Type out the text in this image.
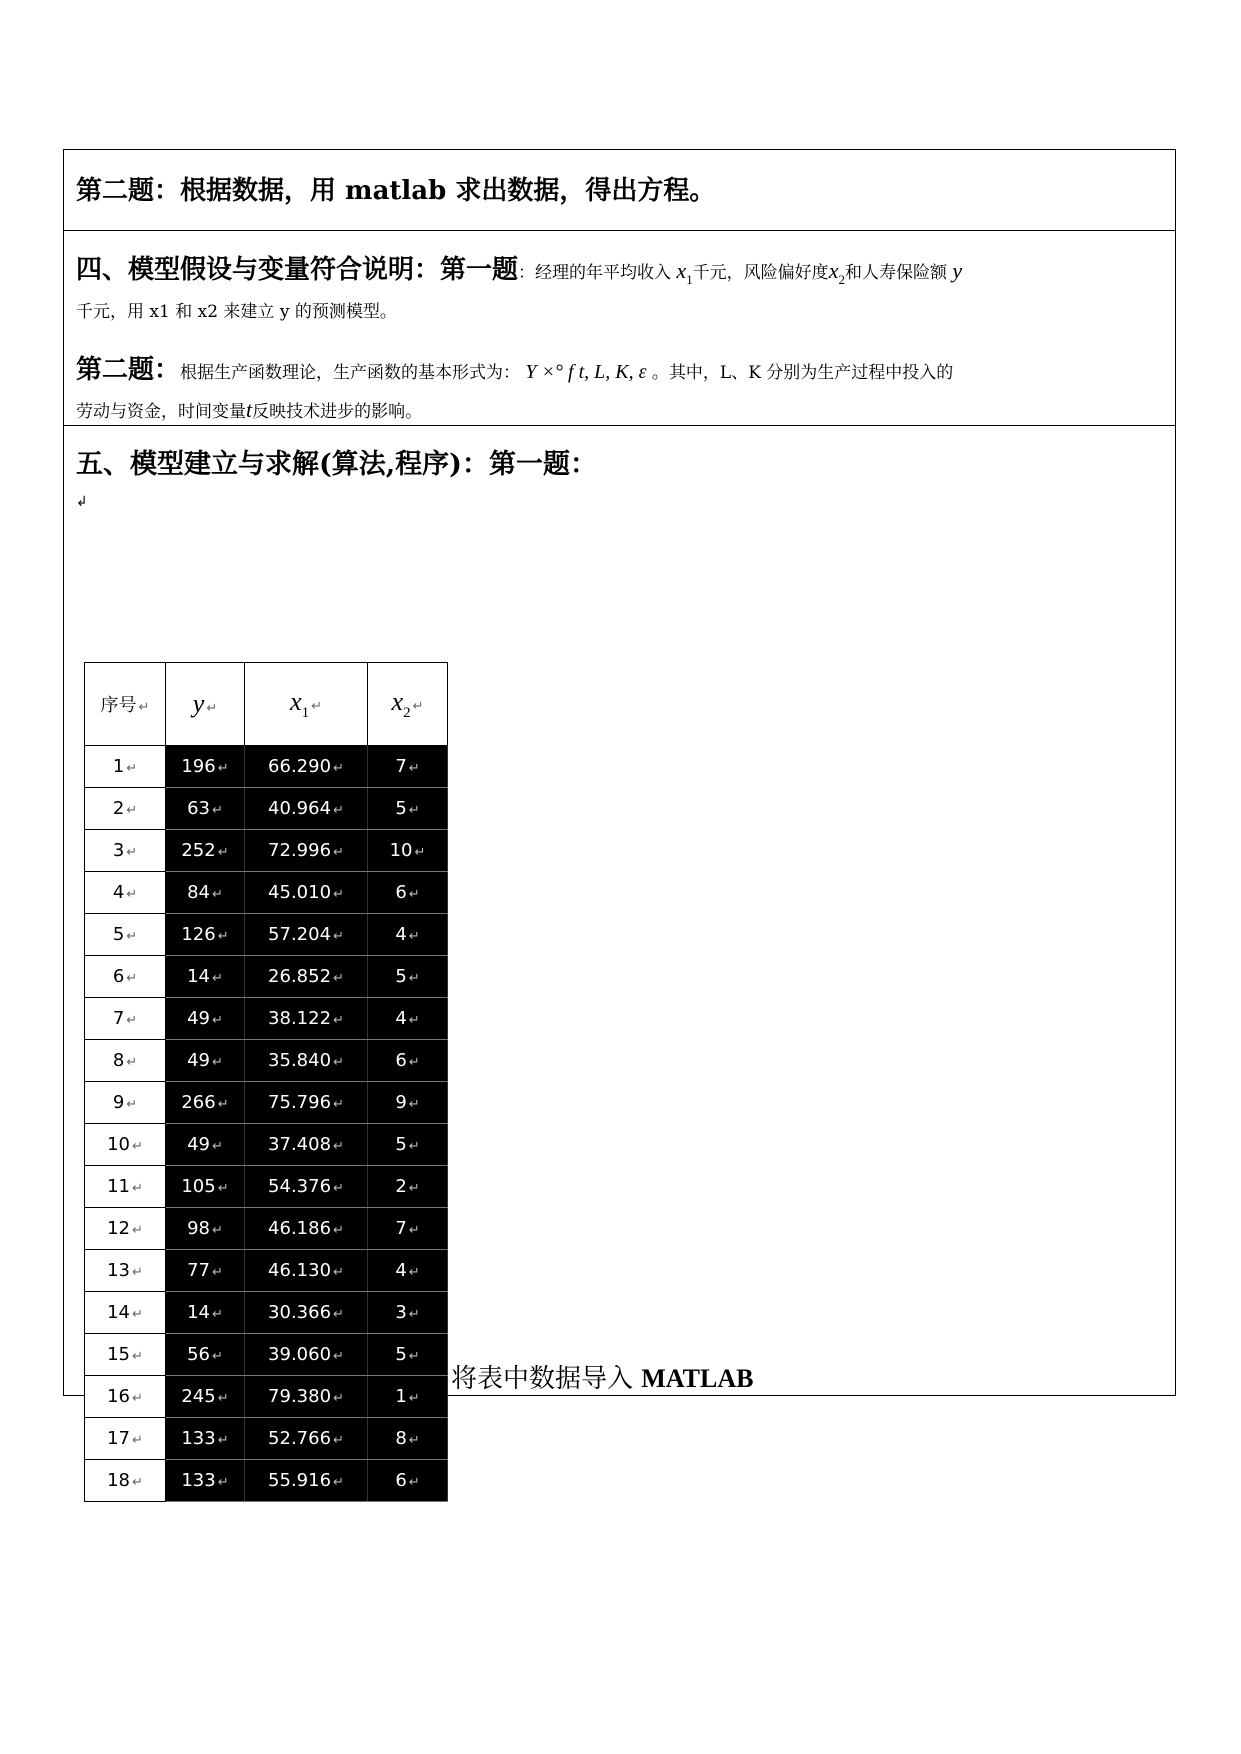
第二题：根据数据，用 matlab 求出数据，得出方程。
四、模型假设与变量符合说明：第一题：经理的年平均收入 $x_1$千元，风险偏好度$x_2$和人寿保险额 y
千元，用 x1 和 x2 来建立 y 的预测模型。
第二题：根据生产函数理论，生产函数的基本形式为： Y ×° f t, L, K, ε 。其中，L、K 分别为生产过程中投入的
劳动与资金，时间变量t反映技术进步的影响。
五、模型建立与求解(算法,程序)：第一题：
↲
序号 ↵	y ↵	$x_1$ ↵	$x_2$ ↵
1 ↵	196 ↵	66.290 ↵	7 ↵
2 ↵	63 ↵	40.964 ↵	5 ↵
3 ↵	252 ↵	72.996 ↵	10 ↵
4 ↵	84 ↵	45.010 ↵	6 ↵
5 ↵	126 ↵	57.204 ↵	4 ↵
6 ↵	14 ↵	26.852 ↵	5 ↵
7 ↵	49 ↵	38.122 ↵	4 ↵
8 ↵	49 ↵	35.840 ↵	6 ↵
9 ↵	266 ↵	75.796 ↵	9 ↵
10 ↵	49 ↵	37.408 ↵	5 ↵
11 ↵	105 ↵	54.376 ↵	2 ↵
12 ↵	98 ↵	46.186 ↵	7 ↵
13 ↵	77 ↵	46.130 ↵	4 ↵
14 ↵	14 ↵	30.366 ↵	3 ↵
15 ↵	56 ↵	39.060 ↵	5 ↵
16 ↵	245 ↵	79.380 ↵	1 ↵
17 ↵	133 ↵	52.766 ↵	8 ↵
18 ↵	133 ↵	55.916 ↵	6 ↵
将表中数据导入 MATLAB
